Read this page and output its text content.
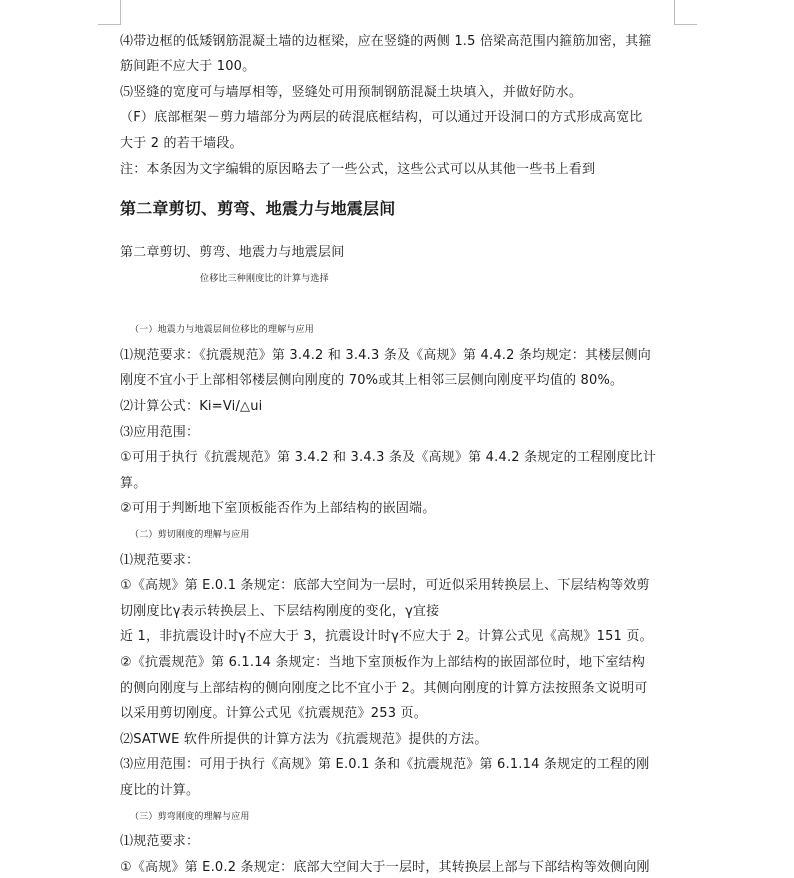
⑷带边框的低矮钢筋混凝土墙的边框梁，应在竖缝的两侧 1.5 倍梁高范围内箍筋加密，其箍
筋间距不应大于 100。
⑸竖缝的宽度可与墙厚相等，竖缝处可用预制钢筋混凝土块填入，并做好防水。
（F）底部框架－剪力墙部分为两层的砖混底框结构，可以通过开设洞口的方式形成高宽比
大于 2 的若干墙段。
注：本条因为文字编辑的原因略去了一些公式，这些公式可以从其他一些书上看到
第二章剪切、剪弯、地震力与地震层间
第二章剪切、剪弯、地震力与地震层间
位移比三种刚度比的计算与选择
（一）地震力与地震层间位移比的理解与应用
⑴规范要求：《抗震规范》第 3.4.2 和 3.4.3 条及《高规》第 4.4.2 条均规定：其楼层侧向
刚度不宜小于上部相邻楼层侧向刚度的 70%或其上相邻三层侧向刚度平均值的 80%。
⑵计算公式：Ki=Vi/△ui
⑶应用范围：
①可用于执行《抗震规范》第 3.4.2 和 3.4.3 条及《高规》第 4.4.2 条规定的工程刚度比计
算。
②可用于判断地下室顶板能否作为上部结构的嵌固端。
（二）剪切刚度的理解与应用
⑴规范要求：
①《高规》第 E.0.1 条规定：底部大空间为一层时，可近似采用转换层上、下层结构等效剪
切刚度比γ表示转换层上、下层结构刚度的变化，γ宜接
近 1，非抗震设计时γ不应大于 3，抗震设计时γ不应大于 2。计算公式见《高规》151 页。
②《抗震规范》第 6.1.14 条规定：当地下室顶板作为上部结构的嵌固部位时，地下室结构
的侧向刚度与上部结构的侧向刚度之比不宜小于 2。其侧向刚度的计算方法按照条文说明可
以采用剪切刚度。计算公式见《抗震规范》253 页。
⑵SATWE 软件所提供的计算方法为《抗震规范》提供的方法。
⑶应用范围：可用于执行《高规》第 E.0.1 条和《抗震规范》第 6.1.14 条规定的工程的刚
度比的计算。
（三）剪弯刚度的理解与应用
⑴规范要求：
①《高规》第 E.0.2 条规定：底部大空间大于一层时，其转换层上部与下部结构等效侧向刚
